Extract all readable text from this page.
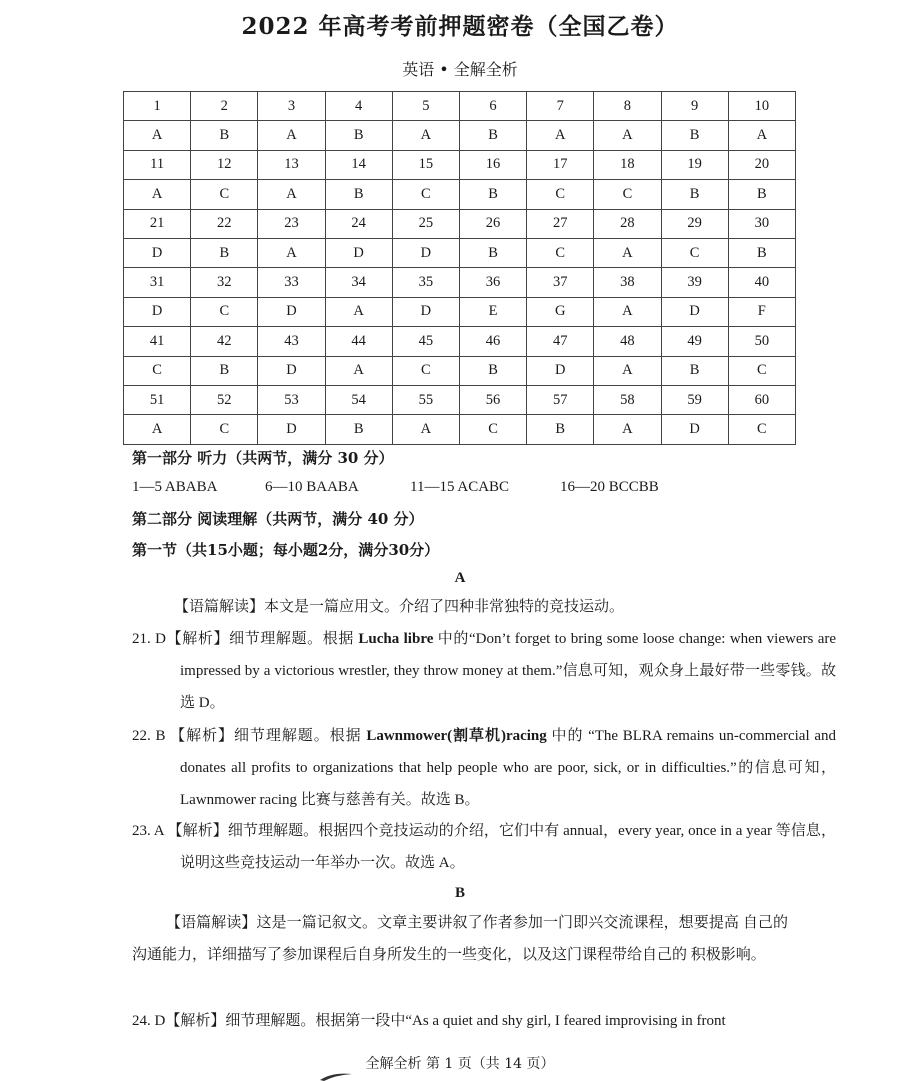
2022 年高考考前押题密卷（全国乙卷）
英语 • 全解全析
1	2	3	4	5	6	7	8	9	10
A	B	A	B	A	B	A	A	B	A
11	12	13	14	15	16	17	18	19	20
A	C	A	B	C	B	C	C	B	B
21	22	23	24	25	26	27	28	29	30
D	B	A	D	D	B	C	A	C	B
31	32	33	34	35	36	37	38	39	40
D	C	D	A	D	E	G	A	D	F
41	42	43	44	45	46	47	48	49	50
C	B	D	A	C	B	D	A	B	C
51	52	53	54	55	56	57	58	59	60
A	C	D	B	A	C	B	A	D	C
第一部分 听力（共两节，满分 30 分）
1—5 ABABA	6—10 BAABA	11—15 ACABC	16—20 BCCBB
第二部分 阅读理解（共两节，满分 40 分）
第一节（共15小题；每小题2分，满分30分）
A
【语篇解读】本文是一篇应用文。介绍了四种非常独特的竞技运动。
21. D【解析】细节理解题。根据 Lucha libre 中的“Don’t forget to bring some loose change: when viewers are impressed by a victorious wrestler, they throw money at them.”信息可知，观众身上最好带一些零钱。故选 D。
22. B 【解析】细节理解题。根据 Lawnmower(割草机)racing 中的 “The BLRA remains un-commercial and donates all profits to organizations that help people who are poor, sick, or in difficulties.”的信息可知，Lawnmower racing 比赛与慈善有关。故选 B。
23. A 【解析】细节理解题。根据四个竞技运动的介绍，它们中有 annual，every year, once in a year 等信息，说明这些竞技运动一年举办一次。故选 A。
B
【语篇解读】这是一篇记叙文。文章主要讲叙了作者参加一门即兴交流课程，想要提高 自己的沟通能力，详细描写了参加课程后自身所发生的一些变化，以及这门课程带给自己的 积极影响。
24. D【解析】细节理解题。根据第一段中“As a quiet and shy girl, I feared improvising in front
全解全析 第 1 页（共 14 页）
